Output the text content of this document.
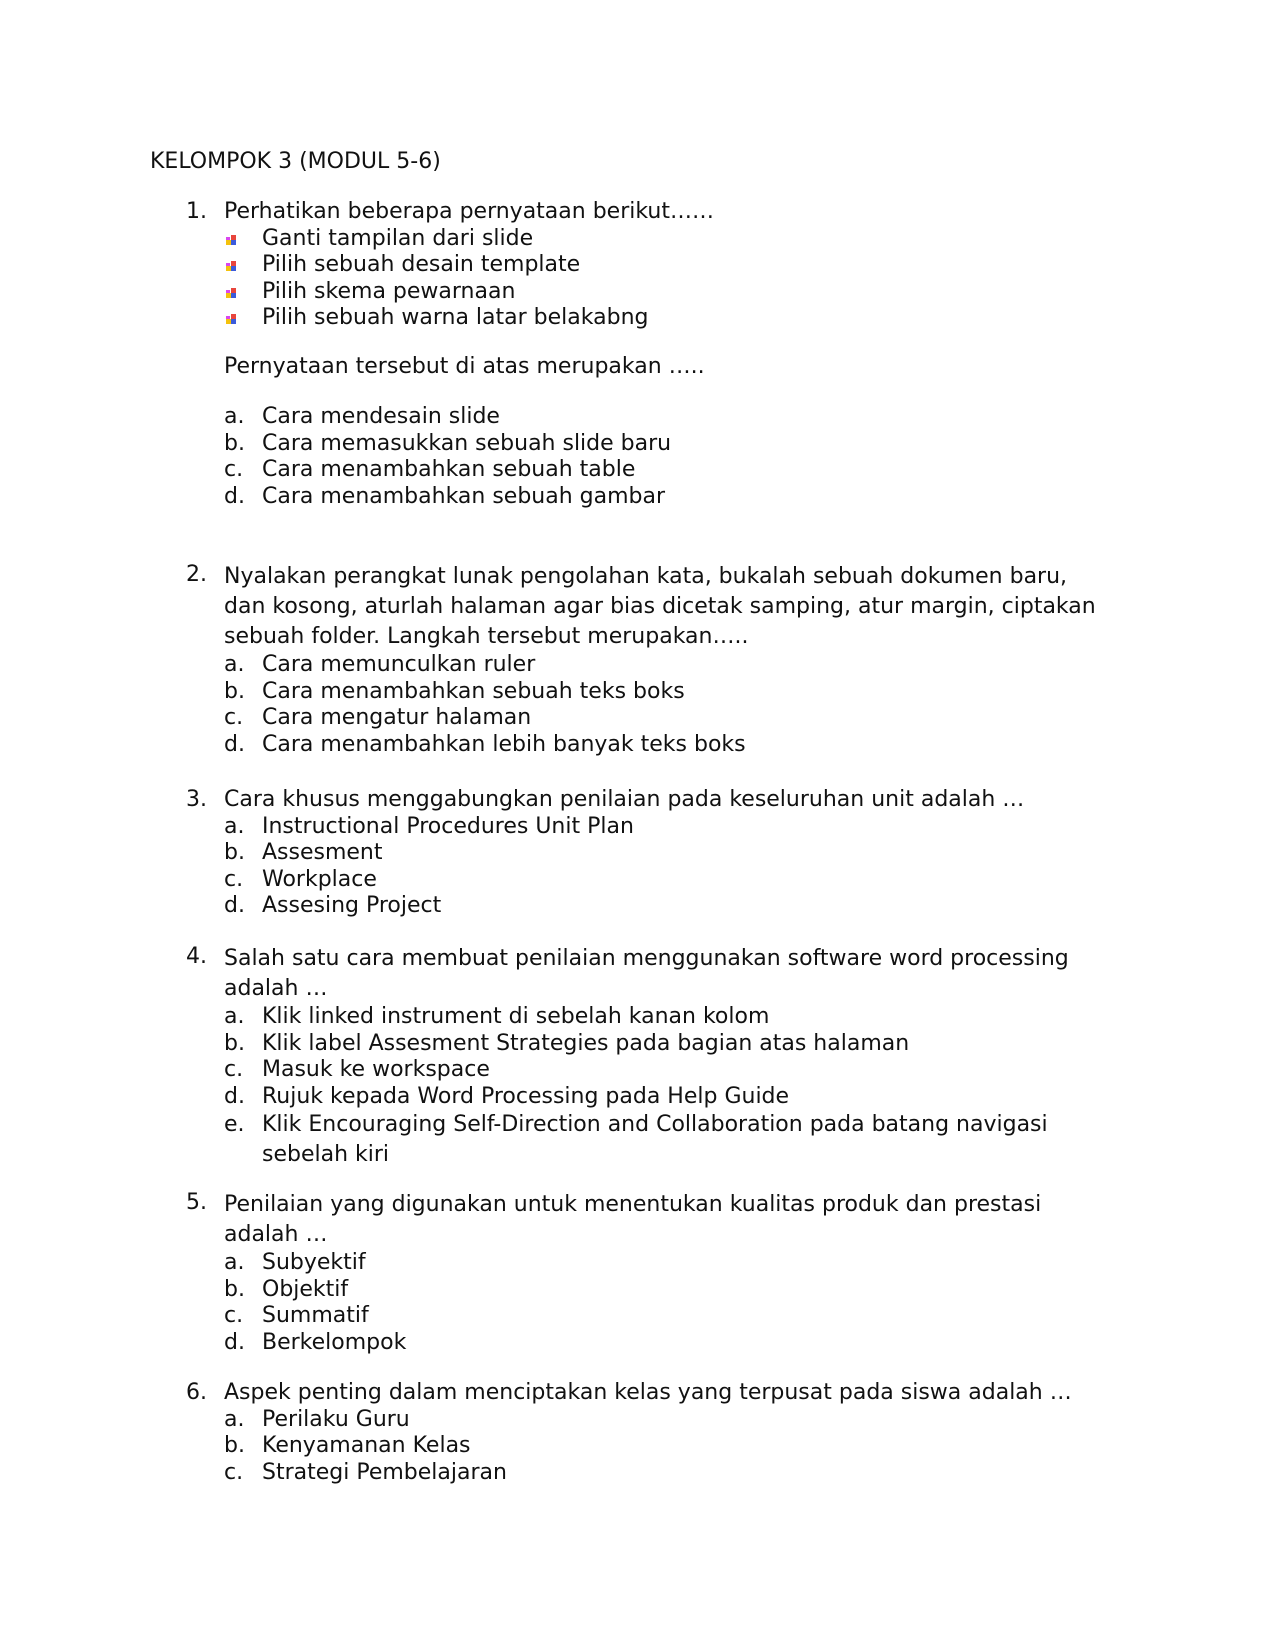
KELOMPOK 3 (MODUL 5-6)
1. Perhatikan beberapa pernyataan berikut……
Ganti tampilan dari slide
Pilih sebuah desain template
Pilih skema pewarnaan
Pilih sebuah warna latar belakabng
Pernyataan tersebut di atas merupakan …..
a. Cara mendesain slide
b. Cara memasukkan sebuah slide baru
c. Cara menambahkan sebuah table
d. Cara menambahkan sebuah gambar
2. Nyalakan perangkat lunak pengolahan kata, bukalah sebuah dokumen baru, dan kosong, aturlah halaman agar bias dicetak samping, atur margin, ciptakan sebuah folder. Langkah tersebut merupakan…..
a. Cara memunculkan ruler
b. Cara menambahkan sebuah teks boks
c. Cara mengatur halaman
d. Cara menambahkan lebih banyak teks boks
3. Cara khusus menggabungkan penilaian pada keseluruhan unit adalah …
a. Instructional Procedures Unit Plan
b. Assesment
c. Workplace
d. Assesing Project
4. Salah satu cara membuat penilaian menggunakan software word processing adalah …
a. Klik linked instrument di sebelah kanan kolom
b. Klik label Assesment Strategies pada bagian atas halaman
c. Masuk ke workspace
d. Rujuk kepada Word Processing pada Help Guide
e. Klik Encouraging Self-Direction and Collaboration pada batang navigasi sebelah kiri
5. Penilaian yang digunakan untuk menentukan kualitas produk dan prestasi adalah …
a. Subyektif
b. Objektif
c. Summatif
d. Berkelompok
6. Aspek penting dalam menciptakan kelas yang terpusat pada siswa adalah …
a. Perilaku Guru
b. Kenyamanan Kelas
c. Strategi Pembelajaran
